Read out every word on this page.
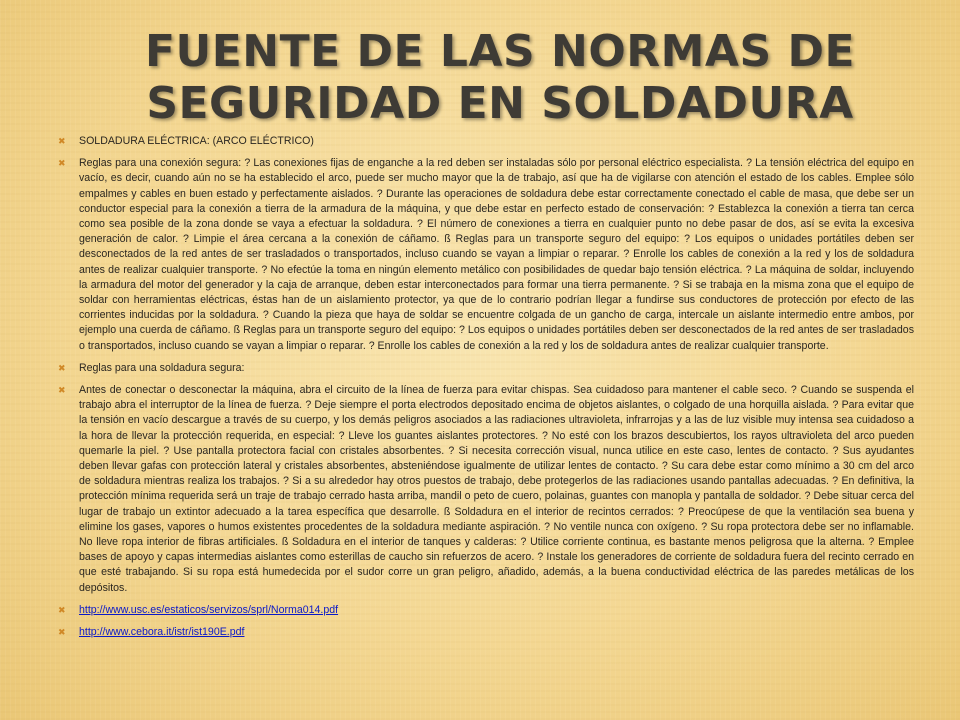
FUENTE DE LAS NORMAS DE SEGURIDAD EN SOLDADURA
✖	SOLDADURA ELÉCTRICA: (ARCO ELÉCTRICO)
✖	Reglas para una conexión segura: ? Las conexiones fijas de enganche a la red deben ser instaladas sólo por personal eléctrico especialista. ? La tensión eléctrica del equipo en vacío, es decir, cuando aún no se ha establecido el arco, puede ser mucho mayor que la de trabajo, así que ha de vigilarse con atención el estado de los cables. Emplee sólo empalmes y cables en buen estado y perfectamente aislados. ? Durante las operaciones de soldadura debe estar correctamente conectado el cable de masa, que debe ser un conductor especial para la conexión a tierra de la armadura de la máquina, y que debe estar en perfecto estado de conservación: ? Establezca la conexión a tierra tan cerca como sea posible de la zona donde se vaya a efectuar la soldadura. ? El número de conexiones a tierra en cualquier punto no debe pasar de dos, así se evita la excesiva generación de calor. ? Limpie el área cercana a la conexión de cáñamo. ß Reglas para un transporte seguro del equipo: ? Los equipos o unidades portátiles deben ser desconectados de la red antes de ser trasladados o transportados, incluso cuando se vayan a limpiar o reparar. ? Enrolle los cables de conexión a la red y los de soldadura antes de realizar cualquier transporte. ? No efectúe la toma en ningún elemento metálico con posibilidades de quedar bajo tensión eléctrica. ? La máquina de soldar, incluyendo la armadura del motor del generador y la caja de arranque, deben estar interconectados para formar una tierra permanente. ? Si se trabaja en la misma zona que el equipo de soldar con herramientas eléctricas, éstas han de un aislamiento protector, ya que de lo contrario podrían llegar a fundirse sus conductores de protección por efecto de las corrientes inducidas por la soldadura. ? Cuando la pieza que haya de soldar se encuentre colgada de un gancho de carga, intercale un aislante intermedio entre ambos, por ejemplo una cuerda de cáñamo. ß Reglas para un transporte seguro del equipo: ? Los equipos o unidades portátiles deben ser desconectados de la red antes de ser trasladados o transportados, incluso cuando se vayan a limpiar o reparar. ? Enrolle los cables de conexión a la red y los de soldadura antes de realizar cualquier transporte.
✖	Reglas para una soldadura segura:
✖	Antes de conectar o desconectar la máquina, abra el circuito de la línea de fuerza para evitar chispas. Sea cuidadoso para mantener el cable seco. ? Cuando se suspenda el trabajo abra el interruptor de la línea de fuerza. ? Deje siempre el porta electrodos depositado encima de objetos aislantes, o colgado de una horquilla aislada. ? Para evitar que la tensión en vacío descargue a través de su cuerpo, y los demás peligros asociados a las radiaciones ultravioleta, infrarrojas y a las de luz visible muy intensa sea cuidadoso a la hora de llevar la protección requerida, en especial: ? Lleve los guantes aislantes protectores. ? No esté con los brazos descubiertos, los rayos ultravioleta del arco pueden quemarle la piel. ? Use pantalla protectora facial con cristales absorbentes. ? Si necesita corrección visual, nunca utilice en este caso, lentes de contacto. ? Sus ayudantes deben llevar gafas con protección lateral y cristales absorbentes, absteniéndose igualmente de utilizar lentes de contacto. ? Su cara debe estar como mínimo a 30 cm del arco de soldadura mientras realiza los trabajos. ? Si a su alrededor hay otros puestos de trabajo, debe protegerlos de las radiaciones usando pantallas adecuadas. ? En definitiva, la protección mínima requerida será un traje de trabajo cerrado hasta arriba, mandil o peto de cuero, polainas, guantes con manopla y pantalla de soldador. ? Debe situar cerca del lugar de trabajo un extintor adecuado a la tarea específica que desarrolle. ß Soldadura en el interior de recintos cerrados: ? Preocúpese de que la ventilación sea buena y elimine los gases, vapores o humos existentes procedentes de la soldadura mediante aspiración. ? No ventile nunca con oxígeno. ? Su ropa protectora debe ser no inflamable. No lleve ropa interior de fibras artificiales. ß Soldadura en el interior de tanques y calderas: ? Utilice corriente continua, es bastante menos peligrosa que la alterna. ? Emplee bases de apoyo y capas intermedias aislantes como esterillas de caucho sin refuerzos de acero. ? Instale los generadores de corriente de soldadura fuera del recinto cerrado en que esté trabajando. Si su ropa está humedecida por el sudor corre un gran peligro, añadido, además, a la buena conductividad eléctrica de las paredes metálicas de los depósitos.
✖	http://www.usc.es/estaticos/servizos/sprl/Norma014.pdf
✖	http://www.cebora.it/istr/ist190E.pdf
